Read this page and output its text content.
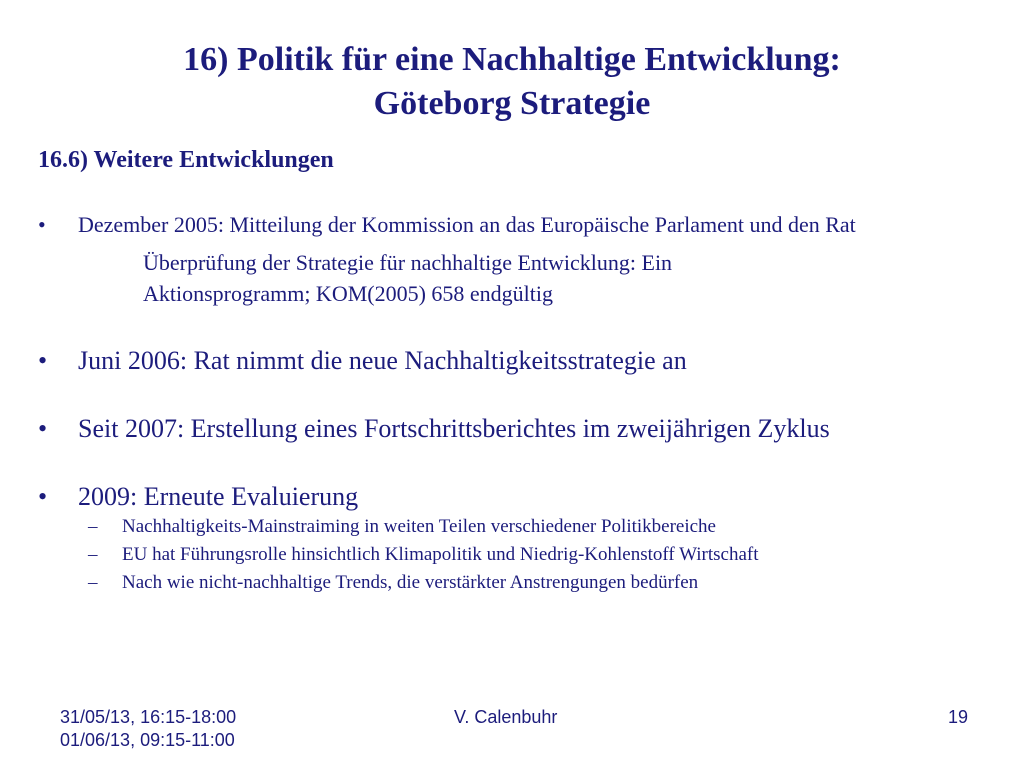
16) Politik für eine Nachhaltige Entwicklung:
Göteborg Strategie
16.6) Weitere Entwicklungen
• Dezember 2005: Mitteilung der Kommission an das Europäische Parlament und den Rat
Überprüfung der Strategie für nachhaltige Entwicklung: Ein
Aktionsprogramm; KOM(2005) 658 endgültig
• Juni 2006: Rat nimmt die neue Nachhaltigkeitsstrategie an
• Seit 2007: Erstellung eines Fortschrittsberichtes im zweijährigen Zyklus
• 2009: Erneute Evaluierung
– Nachhaltigkeits-Mainstraiming in weiten Teilen verschiedener Politikbereiche
– EU hat Führungsrolle hinsichtlich Klimapolitik und Niedrig-Kohlenstoff Wirtschaft
– Nach wie nicht-nachhaltige Trends, die verstärkter Anstrengungen bedürfen
31/05/13, 16:15-18:00
01/06/13, 09:15-11:00
V. Calenbuhr	19
